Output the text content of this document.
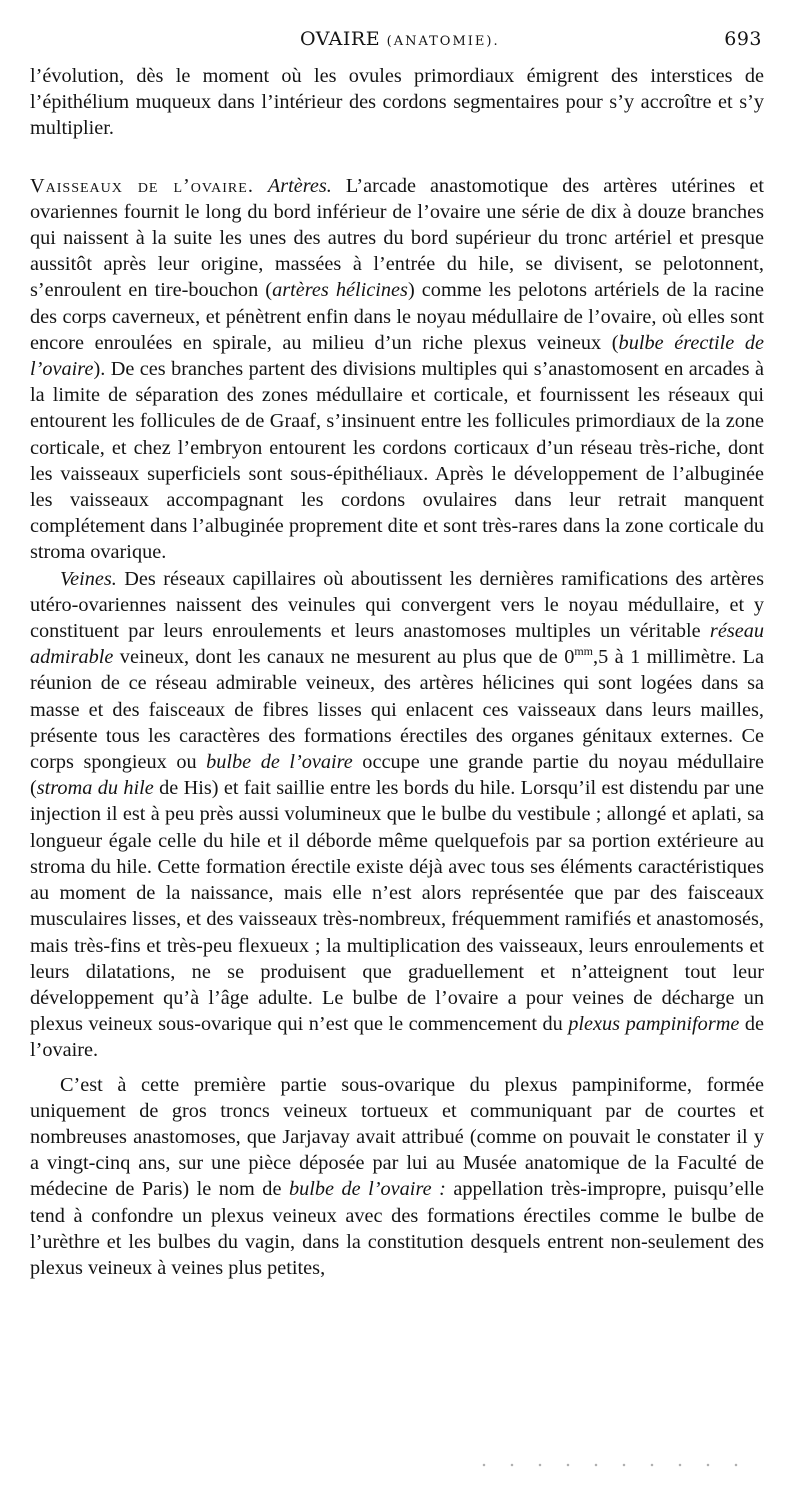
OVAIRE (ANATOMIE).	693

l’évolution, dès le moment où les ovules primordiaux émigrent des interstices de l’épithélium muqueux dans l’intérieur des cordons segmentaires pour s’y accroître et s’y multiplier.

Vaisseaux de l’ovaire. Artères. L’arcade anastomotique des artères utérines et ovariennes fournit le long du bord inférieur de l’ovaire une série de dix à douze branches qui naissent à la suite les unes des autres du bord supérieur du tronc artériel et presque aussitôt après leur origine, massées à l’entrée du hile, se divisent, se pelotonnent, s’enroulent en tire-bouchon (artères hélicines) comme les pelotons artériels de la racine des corps caverneux, et pénètrent enfin dans le noyau médullaire de l’ovaire, où elles sont encore enroulées en spirale, au milieu d’un riche plexus veineux (bulbe érectile de l’ovaire). De ces branches partent des divisions multiples qui s’anastomosent en arcades à la limite de séparation des zones médullaire et corticale, et fournissent les réseaux qui entourent les follicules de de Graaf, s’insinuent entre les follicules primordiaux de la zone corticale, et chez l’embryon entourent les cordons corticaux d’un réseau très-riche, dont les vaisseaux superficiels sont sous-épithéliaux. Après le développement de l’albuginée les vaisseaux accompagnant les cordons ovulaires dans leur retrait manquent complétement dans l’albuginée proprement dite et sont très-rares dans la zone corticale du stroma ovarique.

Veines. Des réseaux capillaires où aboutissent les dernières ramifications des artères utéro-ovariennes naissent des veinules qui convergent vers le noyau médullaire, et y constituent par leurs enroulements et leurs anastomoses multiples un véritable réseau admirable veineux, dont les canaux ne mesurent au plus que de $0^{mm},5$ à 1 millimètre. La réunion de ce réseau admirable veineux, des artères hélicines qui sont logées dans sa masse et des faisceaux de fibres lisses qui enlacent ces vaisseaux dans leurs mailles, présente tous les caractères des formations érectiles des organes génitaux externes. Ce corps spongieux ou bulbe de l’ovaire occupe une grande partie du noyau médullaire (stroma du hile de His) et fait saillie entre les bords du hile. Lorsqu’il est distendu par une injection il est à peu près aussi volumineux que le bulbe du vestibule ; allongé et aplati, sa longueur égale celle du hile et il déborde même quelquefois par sa portion extérieure au stroma du hile. Cette formation érectile existe déjà avec tous ses éléments caractéristiques au moment de la naissance, mais elle n’est alors représentée que par des faisceaux musculaires lisses, et des vaisseaux très-nombreux, fréquemment ramifiés et anastomosés, mais très-fins et très-peu flexueux ; la multiplication des vaisseaux, leurs enroulements et leurs dilatations, ne se produisent que graduellement et n’atteignent tout leur développement qu’à l’âge adulte. Le bulbe de l’ovaire a pour veines de décharge un plexus veineux sous-ovarique qui n’est que le commencement du plexus pampiniforme de l’ovaire.

C’est à cette première partie sous-ovarique du plexus pampiniforme, formée uniquement de gros troncs veineux tortueux et communiquant par de courtes et nombreuses anastomoses, que Jarjavay avait attribué (comme on pouvait le constater il y a vingt-cinq ans, sur une pièce déposée par lui au Musée anatomique de la Faculté de médecine de Paris) le nom de bulbe de l’ovaire : appellation très-impropre, puisqu’elle tend à confondre un plexus veineux avec des formations érectiles comme le bulbe de l’urèthre et les bulbes du vagin, dans la constitution desquels entrent non-seulement des plexus veineux à veines plus petites,
